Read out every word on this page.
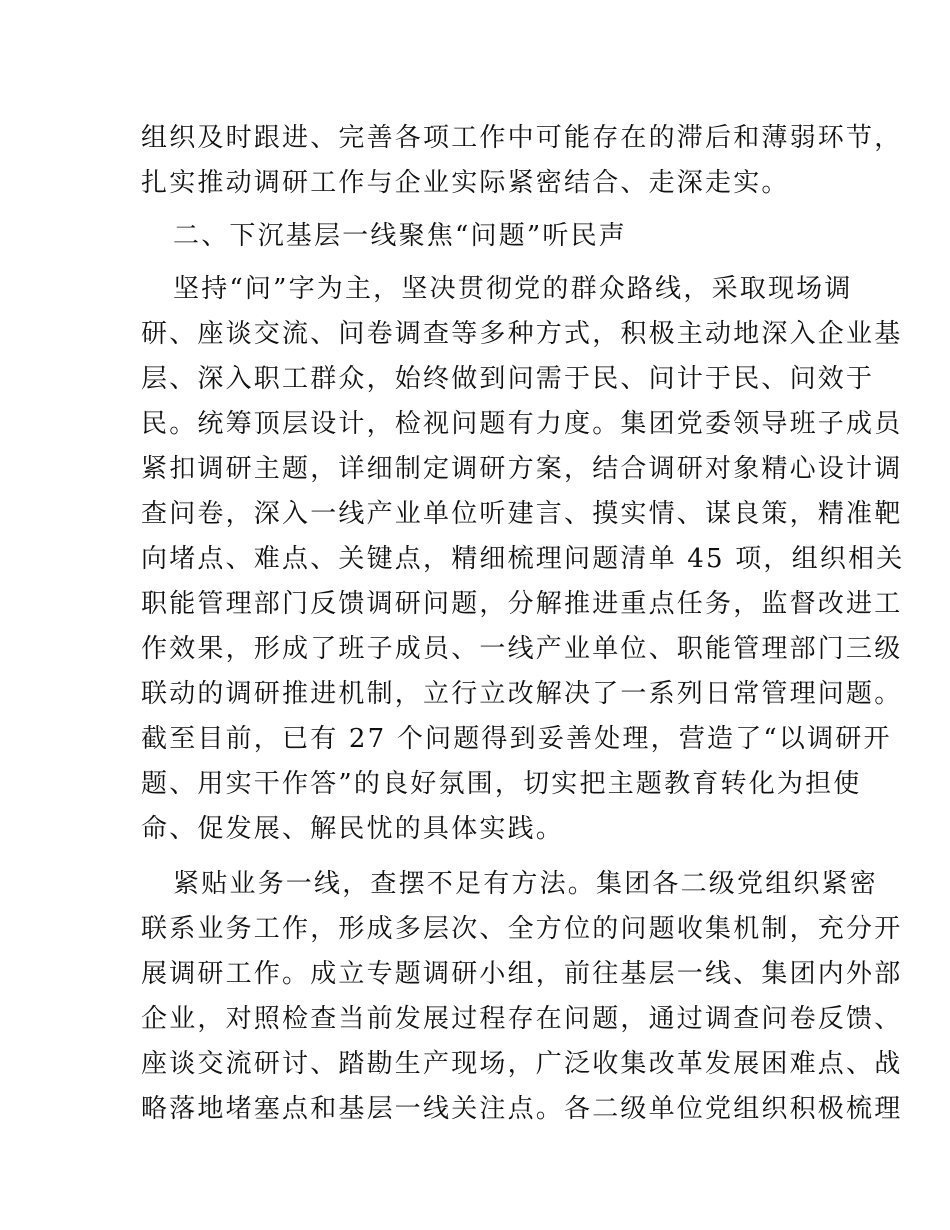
组织及时跟进、完善各项工作中可能存在的滞后和薄弱环节，
扎实推动调研工作与企业实际紧密结合、走深走实。
二、下沉基层一线聚焦“问题”听民声
坚持“问”字为主，坚决贯彻党的群众路线，采取现场调
研、座谈交流、问卷调查等多种方式，积极主动地深入企业基
层、深入职工群众，始终做到问需于民、问计于民、问效于
民。统筹顶层设计，检视问题有力度。集团党委领导班子成员
紧扣调研主题，详细制定调研方案，结合调研对象精心设计调
查问卷，深入一线产业单位听建言、摸实情、谋良策，精准靶
向堵点、难点、关键点，精细梳理问题清单 45 项，组织相关
职能管理部门反馈调研问题，分解推进重点任务，监督改进工
作效果，形成了班子成员、一线产业单位、职能管理部门三级
联动的调研推进机制，立行立改解决了一系列日常管理问题。
截至目前，已有 27 个问题得到妥善处理，营造了“以调研开
题、用实干作答”的良好氛围，切实把主题教育转化为担使
命、促发展、解民忧的具体实践。
紧贴业务一线，查摆不足有方法。集团各二级党组织紧密
联系业务工作，形成多层次、全方位的问题收集机制，充分开
展调研工作。成立专题调研小组，前往基层一线、集团内外部
企业，对照检查当前发展过程存在问题，通过调查问卷反馈、
座谈交流研讨、踏勘生产现场，广泛收集改革发展困难点、战
略落地堵塞点和基层一线关注点。各二级单位党组织积极梳理
